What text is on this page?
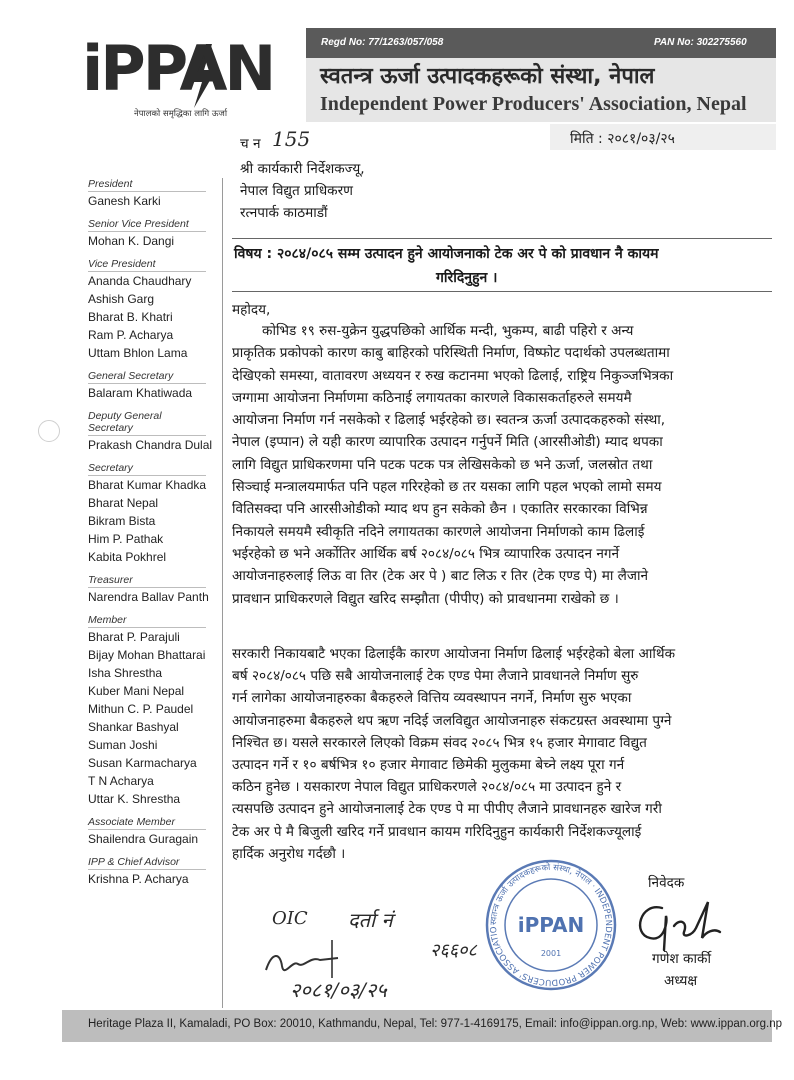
iPPAN
नेपालको समृद्धिका लागि ऊर्जा
Regd No: 77/1263/057/058	PAN No: 302275560
स्वतन्त्र ऊर्जा उत्पादकहरूको संस्था, नेपाल
Independent Power Producers' Association, Nepal
मिति : २०८१/०३/२५
च न 155
श्री कार्यकारी निर्देशकज्यू,
नेपाल विद्युत प्राधिकरण
रत्नपार्क काठमाडौं
President
Ganesh Karki
Senior Vice President
Mohan K. Dangi
Vice President
Ananda Chaudhary
Ashish Garg
Bharat B. Khatri
Ram P. Acharya
Uttam Bhlon Lama
General Secretary
Balaram Khatiwada
Deputy General Secretary
Prakash Chandra Dulal
Secretary
Bharat Kumar Khadka
Bharat Nepal
Bikram Bista
Him P. Pathak
Kabita Pokhrel
Treasurer
Narendra Ballav Panth
Member
Bharat P. Parajuli
Bijay Mohan Bhattarai
Isha Shrestha
Kuber Mani Nepal
Mithun C. P. Paudel
Shankar Bashyal
Suman Joshi
Susan Karmacharya
T N Acharya
Uttar K. Shrestha
Associate Member
Shailendra Guragain
IPP & Chief Advisor
Krishna P. Acharya
विषय : २०८४/०८५ सम्म उत्पादन हुने आयोजनाको टेक अर पे को प्रावधान नै कायम
गरिदिनुहुन ।
महोदय,
कोभिड १९ रुस-युक्रेन युद्धपछिको आर्थिक मन्दी, भुकम्प, बाढी पहिरो र अन्य
प्राकृतिक प्रकोपको कारण काबु बाहिरको परिस्थिती निर्माण, विष्फोट पदार्थको उपलब्धतामा
देखिएको समस्या, वातावरण अध्ययन र रुख कटानमा भएको ढिलाई, राष्ट्रिय निकुञ्जभित्रका
जग्गामा आयोजना निर्माणमा कठिनाई लगायतका कारणले विकासकर्ताहरुले समयमै
आयोजना निर्माण गर्न नसकेको र ढिलाई भईरहेको छ। स्वतन्त्र ऊर्जा उत्पादकहरुको संस्था,
नेपाल (इप्पान) ले यही कारण व्यापारिक उत्पादन गर्नुपर्ने मिति (आरसीओडी) म्याद थपका
लागि विद्युत प्राधिकरणमा पनि पटक पटक पत्र लेखिसकेको छ भने ऊर्जा, जलस्रोत तथा
सिञ्चाई मन्त्रालयमार्फत पनि पहल गरिरहेको छ तर यसका लागि पहल भएको लामो समय
वितिसक्दा पनि आरसीओडीको म्याद थप हुन सकेको छैन । एकातिर सरकारका विभिन्न
निकायले समयमै स्वीकृति नदिने लगायतका कारणले आयोजना निर्माणको काम ढिलाई
भईरहेको छ भने अर्कोतिर आर्थिक बर्ष २०८४/०८५ भित्र व्यापारिक उत्पादन नगर्ने
आयोजनाहरुलाई लिऊ वा तिर (टेक अर पे ) बाट लिऊ र तिर (टेक एण्ड पे) मा लैजाने
प्रावधान प्राधिकरणले विद्युत खरिद सम्झौता (पीपीए) को प्रावधानमा राखेको छ ।
सरकारी निकायबाटै भएका ढिलाईकै कारण आयोजना निर्माण ढिलाई भईरहेको बेला आर्थिक
बर्ष २०८४/०८५ पछि सबै आयोजनालाई टेक एण्ड पेमा लैजाने प्रावधानले निर्माण सुरु
गर्न लागेका आयोजनाहरुका बैकहरुले वित्तिय व्यवस्थापन नगर्ने, निर्माण सुरु भएका
आयोजनाहरुमा बैकहरुले थप ऋण नदिई जलविद्युत आयोजनाहरु संकटग्रस्त अवस्थामा पुग्ने
निश्चित छ। यसले सरकारले लिएको विक्रम संवद २०८५ भित्र १५ हजार मेगावाट विद्युत
उत्पादन गर्ने र १० बर्षभित्र १० हजार मेगावाट छिमेकी मुलुकमा बेच्ने लक्ष्य पूरा गर्न
कठिन हुनेछ । यसकारण नेपाल विद्युत प्राधिकरणले २०८४/०८५ मा उत्पादन हुने र
त्यसपछि उत्पादन हुने आयोजनालाई टेक एण्ड पे मा पीपीए लैजाने प्रावधानहरु खारेज गरी
टेक अर पे मै बिजुली खरिद गर्ने प्रावधान कायम गरिदिनुहुन कार्यकारी निर्देशकज्यूलाई
हार्दिक अनुरोध गर्दछौ ।
OIC दर्ता नं
२६६०८
२०८१/०३/२५
स्वतन्त्र ऊर्जा उत्पादकहरूको संस्था, नेपाल · INDEPENDENT POWER PRODUCERS' ASSOCIATIO iPPAN
2001
निवेदक
गणेश कार्की
अध्यक्ष
Heritage Plaza II, Kamaladi, PO Box: 20010, Kathmandu, Nepal, Tel: 977-1-4169175, Email: info@ippan.org.np, Web: www.ippan.org.np
